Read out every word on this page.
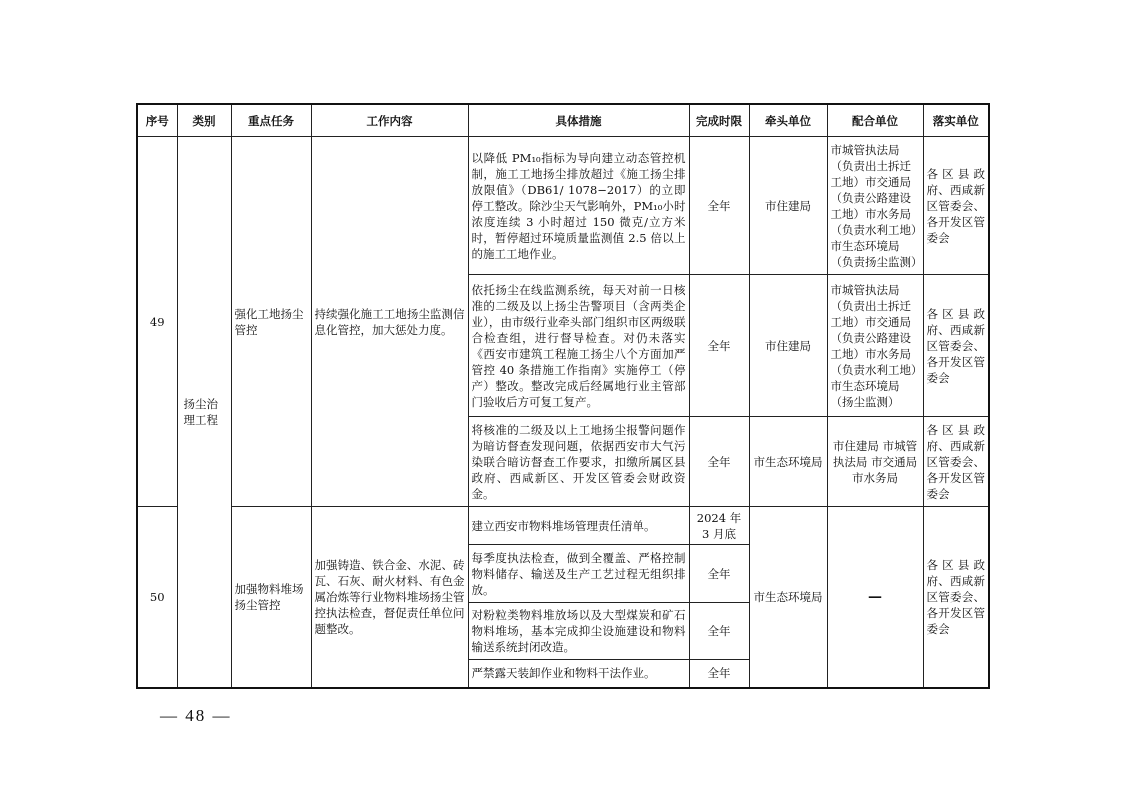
序号	类别	重点任务	工作内容	具体措施	完成时限	牵头单位	配合单位	落实单位
49	扬尘治理工程	强化工地扬尘管控	持续强化施工工地扬尘监测信息化管控，加大惩处力度。	以降低 PM₁₀指标为导向建立动态管控机制，施工工地扬尘排放超过《施工扬尘排放限值》（DB61/ 1078−2017）的立即停工整改。除沙尘天气影响外，PM₁₀小时浓度连续 3 小时超过 150 微克/立方米时，暂停超过环境质量监测值 2.5 倍以上的施工工地作业。	全年	市住建局	市城管执法局（负责出土拆迁工地）市交通局（负责公路建设工地）市水务局（负责水利工地）市生态环境局（负责扬尘监测）	各区县政府、西咸新区管委会、各开发区管委会
				依托扬尘在线监测系统，每天对前一日核准的二级及以上扬尘告警项目（含两类企业），由市级行业牵头部门组织市区两级联合检查组，进行督导检查。对仍未落实《西安市建筑工程施工扬尘八个方面加严管控 40 条措施工作指南》实施停工（停产）整改。整改完成后经属地行业主管部门验收后方可复工复产。	全年	市住建局	市城管执法局（负责出土拆迁工地）市交通局（负责公路建设工地）市水务局（负责水利工地）市生态环境局（扬尘监测）	各区县政府、西咸新区管委会、各开发区管委会
				将核准的二级及以上工地扬尘报警问题作为暗访督查发现问题，依据西安市大气污染联合暗访督查工作要求，扣缴所属区县政府、西咸新区、开发区管委会财政资金。	全年	市生态环境局	市住建局 市城管执法局 市交通局 市水务局	各区县政府、西咸新区管委会、各开发区管委会
50		加强物料堆场扬尘管控	加强铸造、铁合金、水泥、砖瓦、石灰、耐火材料、有色金属冶炼等行业物料堆场扬尘管控执法检查，督促责任单位问题整改。	建立西安市物料堆场管理责任清单。	2024 年 3 月底	市生态环境局	—	各区县政府、西咸新区管委会、各开发区管委会
				每季度执法检查，做到全覆盖、严格控制物料储存、输送及生产工艺过程无组织排放。	全年			
				对粉粒类物料堆放场以及大型煤炭和矿石物料堆场，基本完成抑尘设施建设和物料输送系统封闭改造。	全年			
				严禁露天装卸作业和物料干法作业。	全年			
— 48 —
